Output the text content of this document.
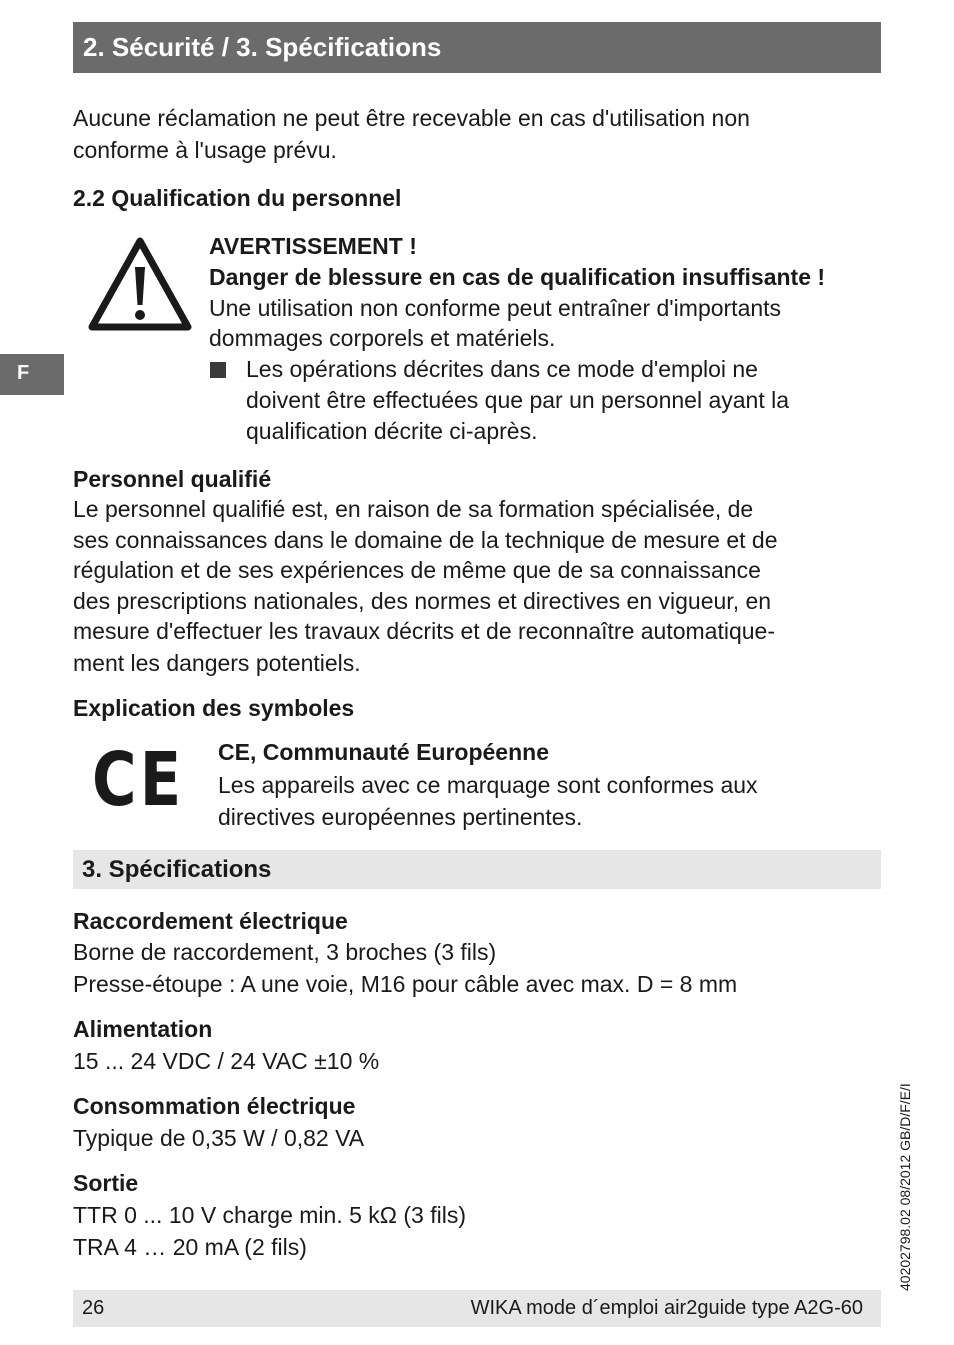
2. Sécurité / 3. Spécifications
F
Aucune réclamation ne peut être recevable en cas d'utilisation non
conforme à l'usage prévu.
2.2 Qualification du personnel
AVERTISSEMENT !
Danger de blessure en cas de qualification insuffisante !
Une utilisation non conforme peut entraîner d'importants
dommages corporels et matériels.
Les opérations décrites dans ce mode d'emploi ne
doivent être effectuées que par un personnel ayant la
qualification décrite ci-après.
Personnel qualifié
Le personnel qualifié est, en raison de sa formation spécialisée, de
ses connaissances dans le domaine de la technique de mesure et de
régulation et de ses expériences de même que de sa connaissance
des prescriptions nationales, des normes et directives en vigueur, en
mesure d'effectuer les travaux décrits et de reconnaître automatique-
ment les dangers potentiels.
Explication des symboles
CE CE, Communauté Européenne
Les appareils avec ce marquage sont conformes aux
directives européennes pertinentes.
3. Spécifications
Raccordement électrique
Borne de raccordement, 3 broches (3 fils)
Presse-étoupe : A une voie, M16 pour câble avec max. D = 8 mm
Alimentation
15 ... 24 VDC / 24 VAC ±10 %
Consommation électrique
Typique de 0,35 W / 0,82 VA
Sortie
TTR 0 ... 10 V charge min. 5 kΩ (3 fils)
TRA 4 … 20 mA (2 fils)	40202798.02 08/2012 GB/D/F/E/I
26	WIKA mode d´emploi air2guide type A2G-60
